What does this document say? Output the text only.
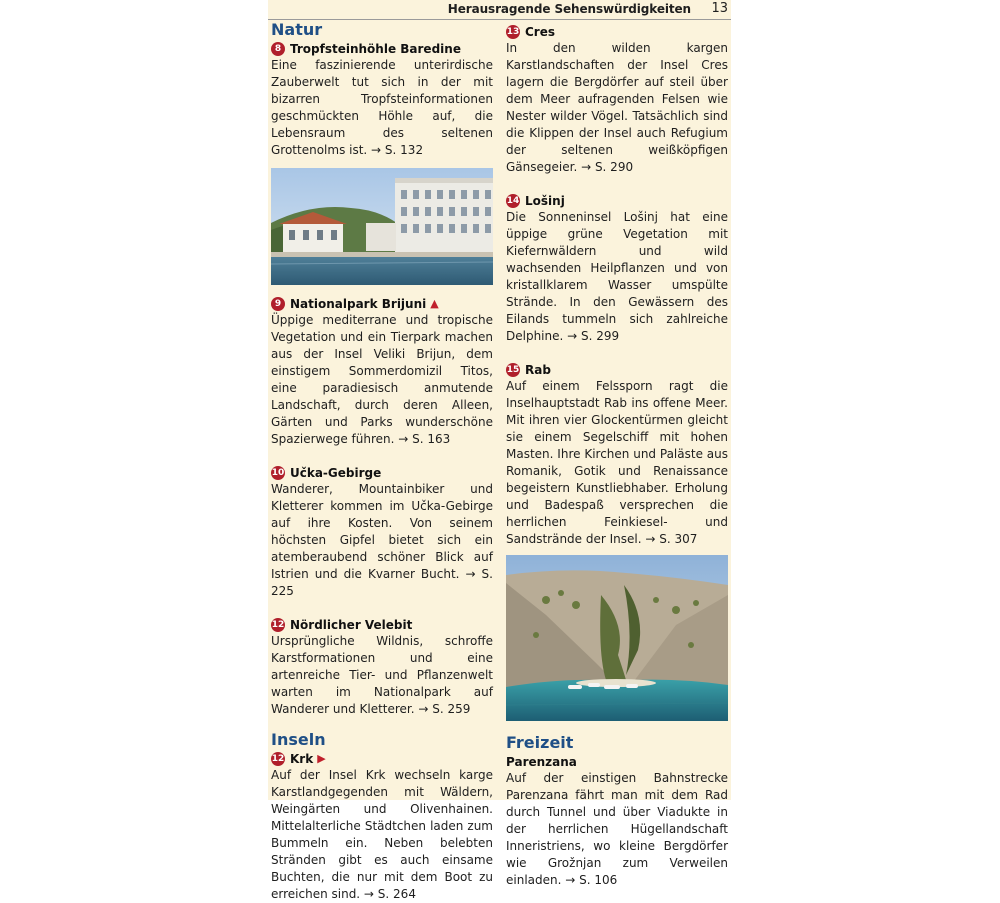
Herausragende Sehenswürdigkeiten 13
Natur
8 Tropfsteinhöhle Baredine

Eine faszinierende unterirdische Zauberwelt tut sich in der mit bizarren Tropfsteinformationen geschmückten Höhle auf, die Lebensraum des seltenen Grottenolms ist. → S. 132

9 Nationalpark Brijuni ▲

Üppige mediterrane und tropische Vegetation und ein Tierpark machen aus der Insel Veliki Brijun, dem einstigem Sommerdomizil Titos, eine paradiesisch anmutende Landschaft, durch deren Alleen, Gärten und Parks wunderschöne Spazierwege führen. → S. 163

10 Učka-Gebirge

Wanderer, Mountainbiker und Kletterer kommen im Učka-Gebirge auf ihre Kosten. Von seinem höchsten Gipfel bietet sich ein atemberaubend schöner Blick auf Istrien und die Kvarner Bucht. → S. 225

12 Nördlicher Velebit

Ursprüngliche Wildnis, schroffe Karstformationen und eine artenreiche Tier- und Pflanzenwelt warten im Nationalpark auf Wanderer und Kletterer. → S. 259

Inseln
12 Krk ▶

Auf der Insel Krk wechseln karge Karstlandgegenden mit Wäldern, Weingärten und Olivenhainen. Mittelalterliche Städtchen laden zum Bummeln ein. Neben belebten Stränden gibt es auch einsame Buchten, die nur mit dem Boot zu erreichen sind. → S. 264

13 Cres

In den wilden kargen Karstlandschaften der Insel Cres lagern die Bergdörfer auf steil über dem Meer aufragenden Felsen wie Nester wilder Vögel. Tatsächlich sind die Klippen der Insel auch Refugium der seltenen weißköpfigen Gänsegeier. → S. 290

14 Lošinj

Die Sonneninsel Lošinj hat eine üppige grüne Vegetation mit Kiefernwäldern und wild wachsenden Heilpflanzen und von kristallklarem Wasser umspülte Strände. In den Gewässern des Eilands tummeln sich zahlreiche Delphine. → S. 299

15 Rab

Auf einem Felssporn ragt die Inselhauptstadt Rab ins offene Meer. Mit ihren vier Glockentürmen gleicht sie einem Segelschiff mit hohen Masten. Ihre Kirchen und Paläste aus Romanik, Gotik und Renaissance begeistern Kunstliebhaber. Erholung und Badespaß versprechen die herrlichen Feinkiesel- und Sandstrände der Insel. → S. 307

Freizeit
Parenzana

Auf der einstigen Bahnstrecke Parenzana fährt man mit dem Rad durch Tunnel und über Viadukte in der herrlichen Hügellandschaft Inneristriens, wo kleine Bergdörfer wie Grožnjan zum Verweilen einladen. → S. 106
